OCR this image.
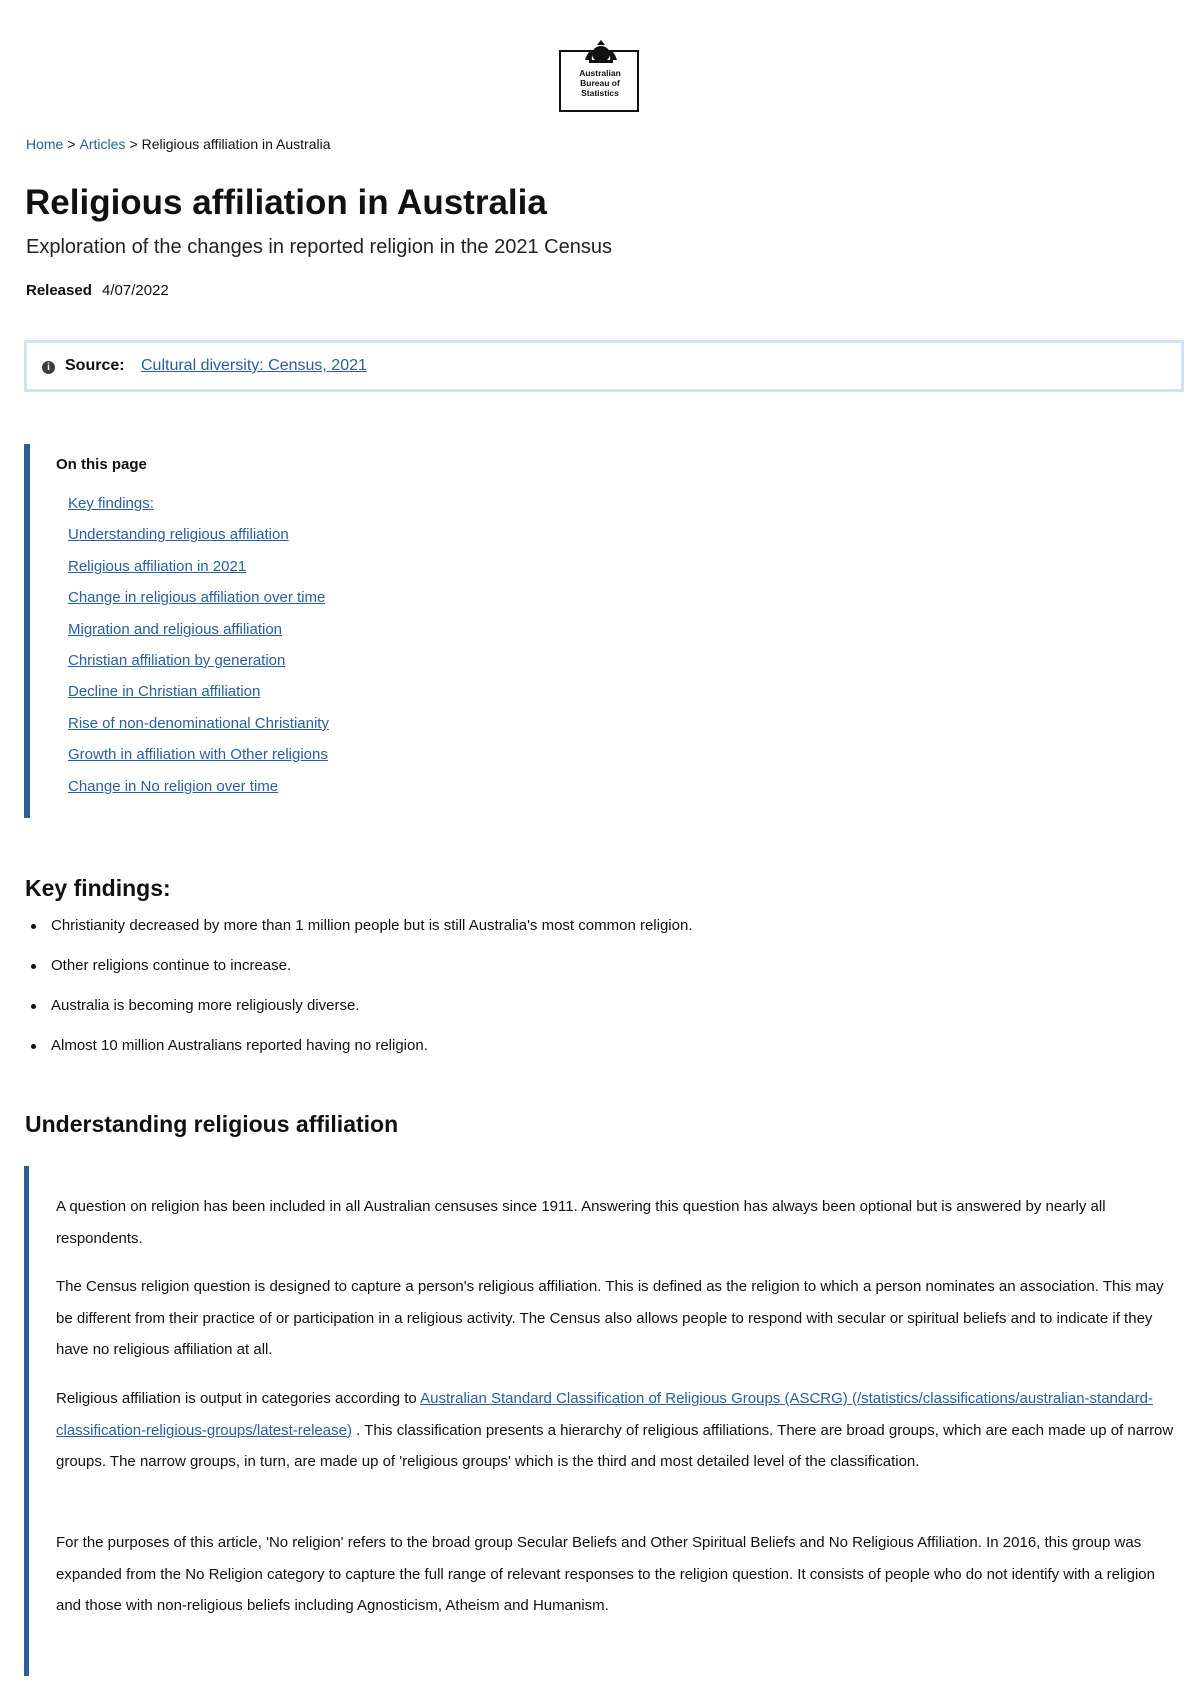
Australian
Bureau of
Statistics
Home > Articles > Religious affiliation in Australia
Religious affiliation in Australia

Exploration of the changes in reported religion in the 2021 Census

Released 4/07/2022
i Source: Cultural diversity: Census, 2021
On this page
Key findings:
Understanding religious affiliation
Religious affiliation in 2021
Change in religious affiliation over time
Migration and religious affiliation
Christian affiliation by generation
Decline in Christian affiliation
Rise of non-denominational Christianity
Growth in affiliation with Other religions
Change in No religion over time
Key findings:
Christianity decreased by more than 1 million people but is still Australia's most common religion.
Other religions continue to increase.
Australia is becoming more religiously diverse.
Almost 10 million Australians reported having no religion.
Understanding religious affiliation

A question on religion has been included in all Australian censuses since 1911. Answering this question has always been optional but is answered by nearly all respondents.

The Census religion question is designed to capture a person's religious affiliation. This is defined as the religion to which a person nominates an association. This may be different from their practice of or participation in a religious activity. The Census also allows people to respond with secular or spiritual beliefs and to indicate if they have no religious affiliation at all.

Religious affiliation is output in categories according to Australian Standard Classification of Religious Groups (ASCRG) (/statistics/classifications/australian-standard-classification-religious-groups/latest-release) . This classification presents a hierarchy of religious affiliations. There are broad groups, which are each made up of narrow groups. The narrow groups, in turn, are made up of 'religious groups' which is the third and most detailed level of the classification.

For the purposes of this article, 'No religion' refers to the broad group Secular Beliefs and Other Spiritual Beliefs and No Religious Affiliation. In 2016, this group was expanded from the No Religion category to capture the full range of relevant responses to the religion question. It consists of people who do not identify with a religion and those with non-religious beliefs including Agnosticism, Atheism and Humanism.
